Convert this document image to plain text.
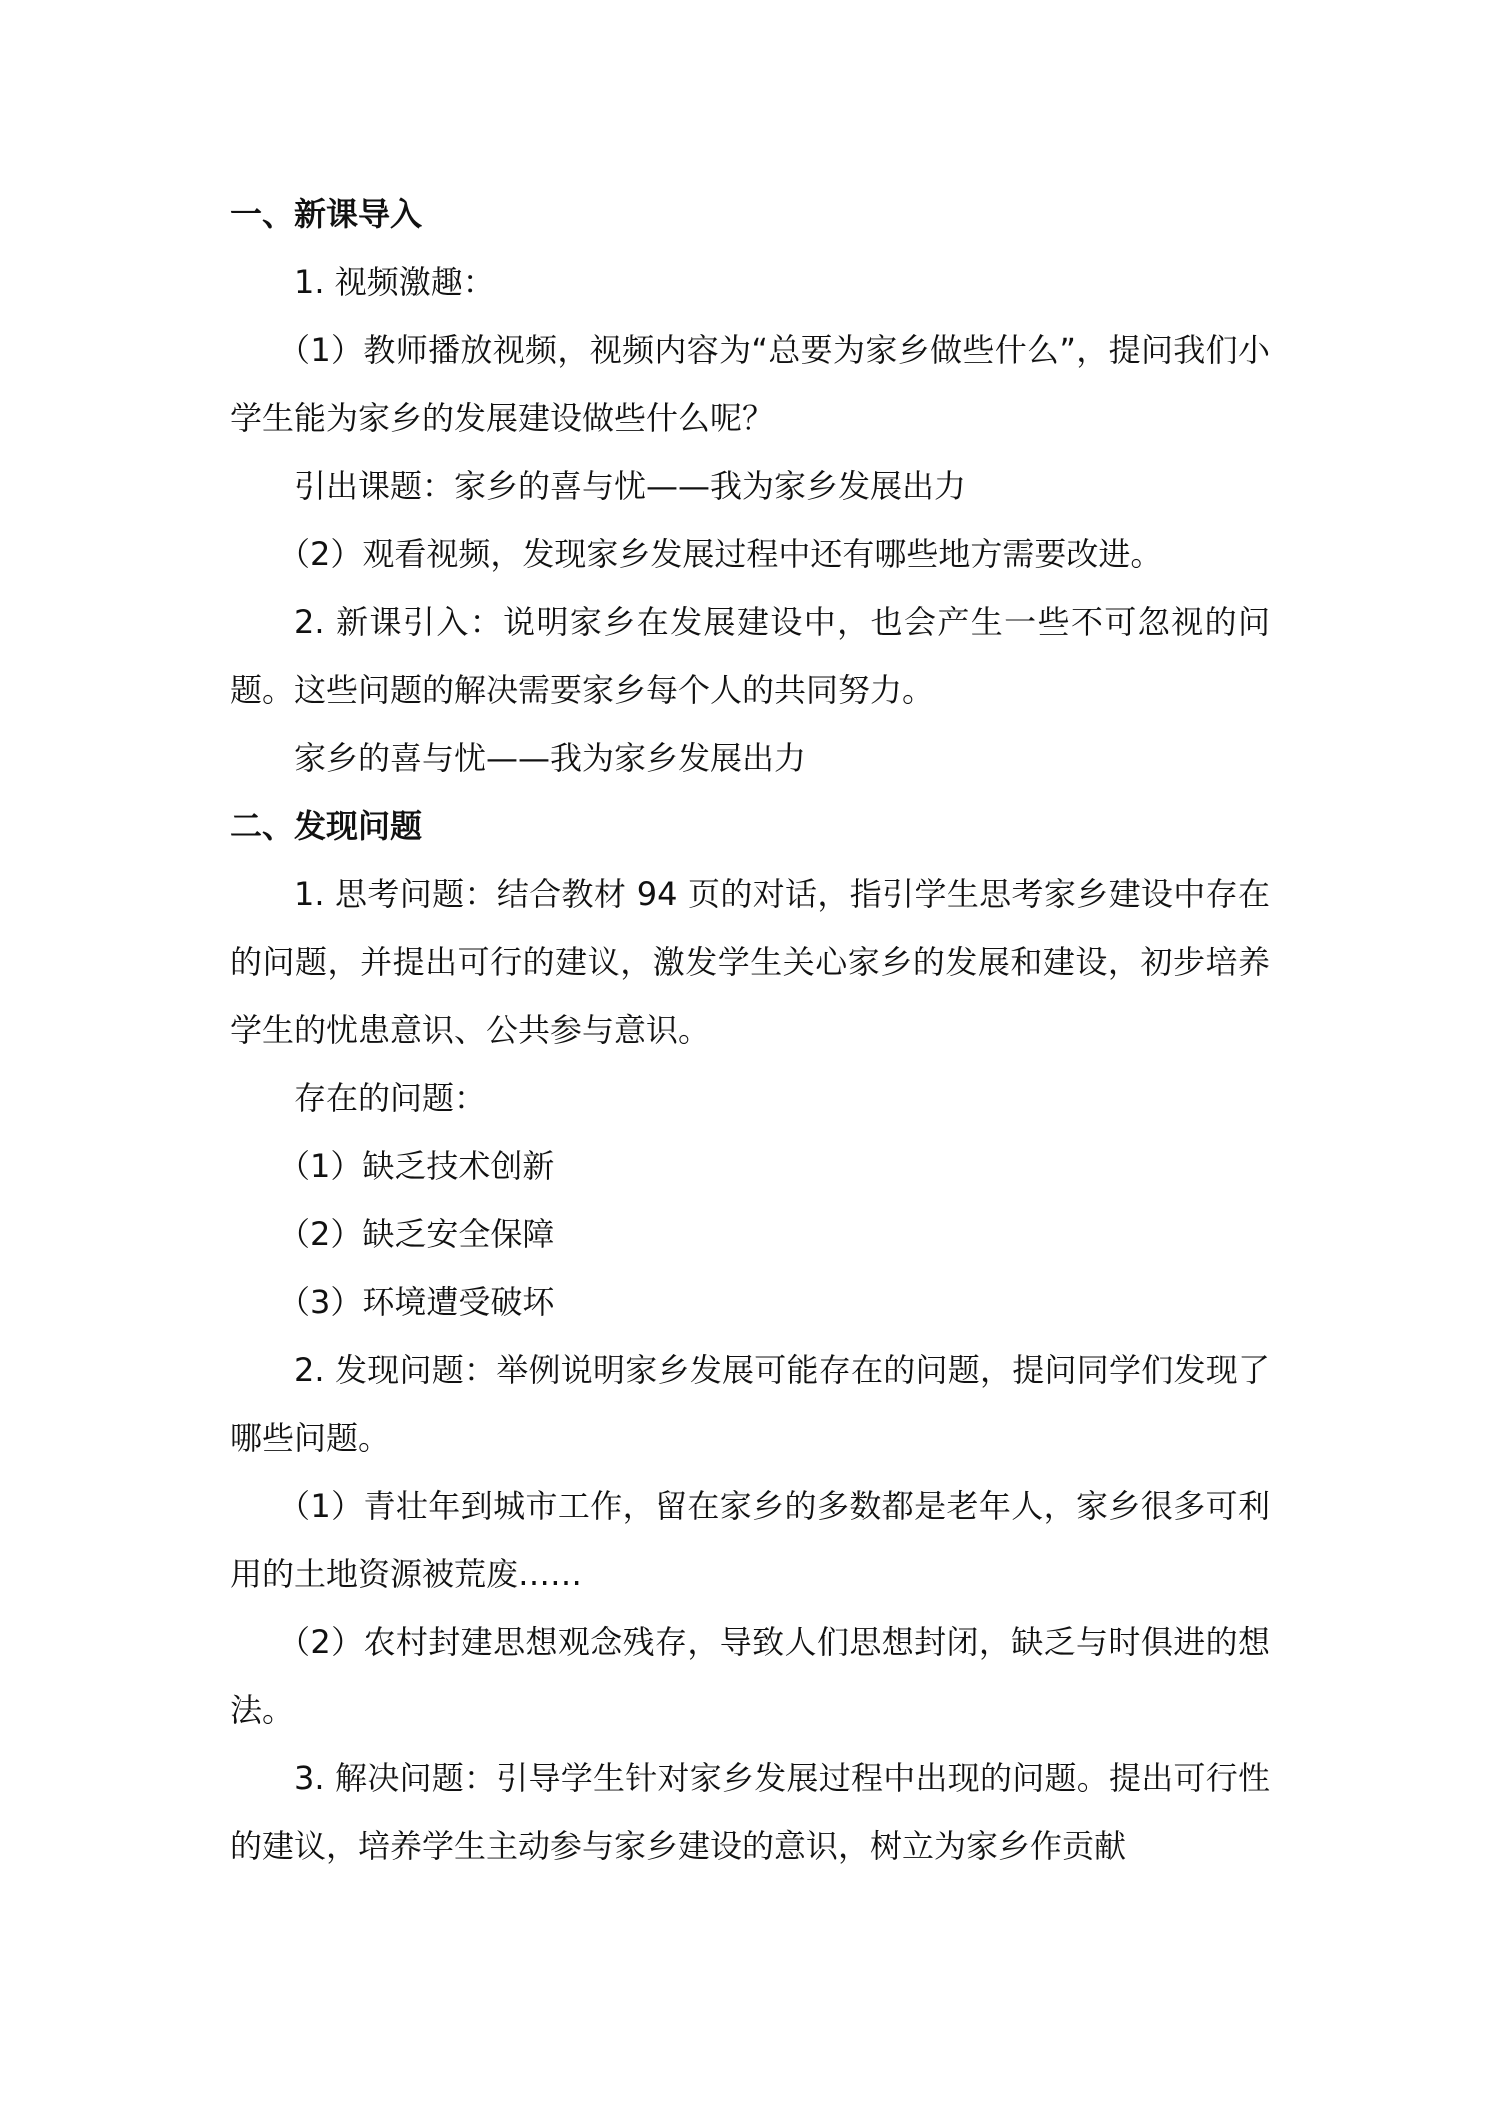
一、新课导入
1. 视频激趣：
（1）教师播放视频，视频内容为“总要为家乡做些什么”，提问我们小学生能为家乡的发展建设做些什么呢？
引出课题：家乡的喜与忧——我为家乡发展出力
（2）观看视频，发现家乡发展过程中还有哪些地方需要改进。
2. 新课引入：说明家乡在发展建设中，也会产生一些不可忽视的问题。这些问题的解决需要家乡每个人的共同努力。
家乡的喜与忧——我为家乡发展出力
二、发现问题
1. 思考问题：结合教材 94 页的对话，指引学生思考家乡建设中存在的问题，并提出可行的建议，激发学生关心家乡的发展和建设，初步培养学生的忧患意识、公共参与意识。
存在的问题：
（1）缺乏技术创新
（2）缺乏安全保障
（3）环境遭受破坏
2. 发现问题：举例说明家乡发展可能存在的问题，提问同学们发现了哪些问题。
（1）青壮年到城市工作，留在家乡的多数都是老年人，家乡很多可利用的土地资源被荒废……
（2）农村封建思想观念残存，导致人们思想封闭，缺乏与时俱进的想法。
3. 解决问题：引导学生针对家乡发展过程中出现的问题。提出可行性的建议，培养学生主动参与家乡建设的意识，树立为家乡作贡献
